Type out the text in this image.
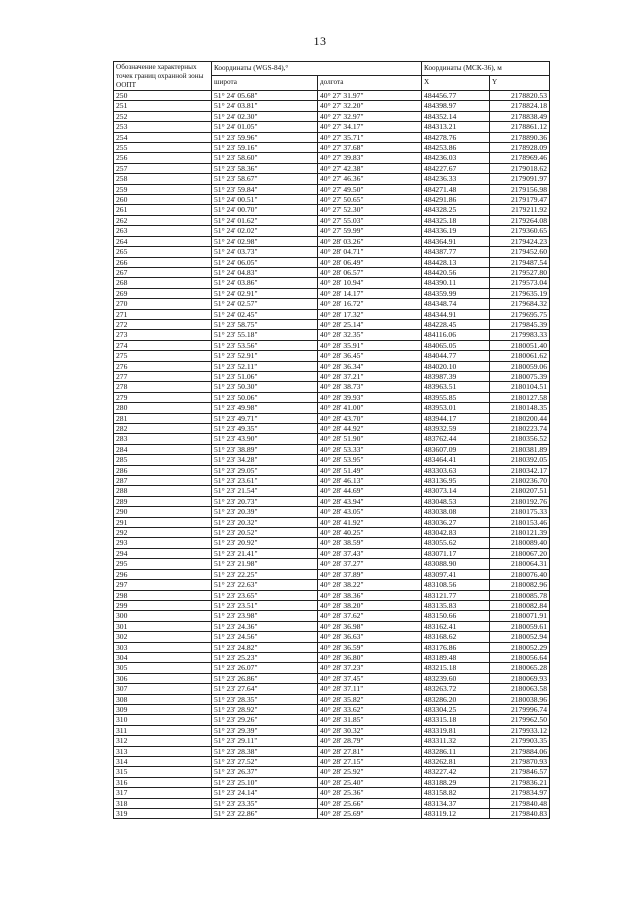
13
Обозначение характерных точек границ охранной зоны ООПТ	Координаты (WGS-84),°		Координаты (МСК-36), м	
	широта	долгота	X	Y
250	51° 24' 05.68"	40° 27' 31.97"	484456.77	2178820.53
251	51° 24' 03.81"	40° 27' 32.20"	484398.97	2178824.18
252	51° 24' 02.30"	40° 27' 32.97"	484352.14	2178838.49
253	51° 24' 01.05"	40° 27' 34.17"	484313.21	2178861.12
254	51° 23' 59.96"	40° 27' 35.71"	484278.76	2178890.36
255	51° 23' 59.16"	40° 27' 37.68"	484253.86	2178928.09
256	51° 23' 58.60"	40° 27' 39.83"	484236.03	2178969.46
257	51° 23' 58.36"	40° 27' 42.38"	484227.67	2179018.62
258	51° 23' 58.67"	40° 27' 46.36"	484236.33	2179091.97
259	51° 23' 59.84"	40° 27' 49.50"	484271.48	2179156.98
260	51° 24' 00.51"	40° 27' 50.65"	484291.86	2179179.47
261	51° 24' 00.70"	40° 27' 52.30"	484328.25	2179211.92
262	51° 24' 01.62"	40° 27' 55.03"	484325.18	2179264.08
263	51° 24' 02.02"	40° 27' 59.99"	484336.19	2179360.65
264	51° 24' 02.98"	40° 28' 03.26"	484364.91	2179424.23
265	51° 24' 03.73"	40° 28' 04.71"	484387.77	2179452.60
266	51° 24' 06.05"	40° 28' 06.49"	484428.13	2179487.54
267	51° 24' 04.83"	40° 28' 06.57"	484420.56	2179527.80
268	51° 24' 03.86"	40° 28' 10.94"	484390.11	2179573.04
269	51° 24' 02.91"	40° 28' 14.17"	484359.99	2179635.19
270	51° 24' 02.57"	40° 28' 16.72"	484348.74	2179684.32
271	51° 24' 02.45"	40° 28' 17.32"	484344.91	2179695.75
272	51° 23' 58.75"	40° 28' 25.14"	484228.45	2179845.39
273	51° 23' 55.18"	40° 28' 32.35"	484116.06	2179983.33
274	51° 23' 53.56"	40° 28' 35.91"	484065.05	2180051.40
275	51° 23' 52.91"	40° 28' 36.45"	484044.77	2180061.62
276	51° 23' 52.11"	40° 28' 36.34"	484020.10	2180059.06
277	51° 23' 51.06"	40° 28' 37.21"	483987.39	2180075.39
278	51° 23' 50.30"	40° 28' 38.73"	483963.51	2180104.51
279	51° 23' 50.06"	40° 28' 39.93"	483955.85	2180127.58
280	51° 23' 49.98"	40° 28' 41.00"	483953.01	2180148.35
281	51° 23' 49.71"	40° 28' 43.70"	483944.17	2180200.44
282	51° 23' 49.35"	40° 28' 44.92"	483932.59	2180223.74
283	51° 23' 43.90"	40° 28' 51.90"	483762.44	2180356.52
284	51° 23' 38.89"	40° 28' 53.33"	483607.09	2180381.89
285	51° 23' 34.28"	40° 28' 53.95"	483464.41	2180392.05
286	51° 23' 29.05"	40° 28' 51.49"	483303.63	2180342.17
287	51° 23' 23.61"	40° 28' 46.13"	483136.95	2180236.70
288	51° 23' 21.54"	40° 28' 44.69"	483073.14	2180207.51
289	51° 23' 20.73"	40° 28' 43.94"	483048.53	2180192.76
290	51° 23' 20.39"	40° 28' 43.05"	483038.08	2180175.33
291	51° 23' 20.32"	40° 28' 41.92"	483036.27	2180153.46
292	51° 23' 20.52"	40° 28' 40.25"	483042.83	2180121.39
293	51° 23' 20.92"	40° 28' 38.59"	483055.62	2180089.40
294	51° 23' 21.41"	40° 28' 37.43"	483071.17	2180067.20
295	51° 23' 21.98"	40° 28' 37.27"	483088.90	2180064.31
296	51° 23' 22.25"	40° 28' 37.89"	483097.41	2180076.40
297	51° 23' 22.63"	40° 28' 38.22"	483108.56	2180082.96
298	51° 23' 23.65"	40° 28' 38.36"	483121.77	2180085.78
299	51° 23' 23.51"	40° 28' 38.20"	483135.83	2180082.84
300	51° 23' 23.98"	40° 28' 37.62"	483150.66	2180071.91
301	51° 23' 24.36"	40° 28' 36.98"	483162.41	2180059.61
302	51° 23' 24.56"	40° 28' 36.63"	483168.62	2180052.94
303	51° 23' 24.82"	40° 28' 36.59"	483176.86	2180052.29
304	51° 23' 25.23"	40° 28' 36.80"	483189.48	2180056.64
305	51° 23' 26.07"	40° 28' 37.23"	483215.18	2180065.28
306	51° 23' 26.86"	40° 28' 37.45"	483239.60	2180069.93
307	51° 23' 27.64"	40° 28' 37.11"	483263.72	2180063.58
308	51° 23' 28.35"	40° 28' 35.82"	483286.20	2180038.96
309	51° 23' 28.92"	40° 28' 33.62"	483304.25	2179996.74
310	51° 23' 29.26"	40° 28' 31.85"	483315.18	2179962.50
311	51° 23' 29.39"	40° 28' 30.32"	483319.81	2179933.12
312	51° 23' 29.11"	40° 28' 28.79"	483311.32	2179903.35
313	51° 23' 28.38"	40° 28' 27.81"	483286.11	2179884.06
314	51° 23' 27.52"	40° 28' 27.15"	483262.81	2179870.93
315	51° 23' 26.37"	40° 28' 25.92"	483227.42	2179846.57
316	51° 23' 25.10"	40° 28' 25.40"	483188.29	2179836.21
317	51° 23' 24.14"	40° 28' 25.36"	483158.82	2179834.97
318	51° 23' 23.35"	40° 28' 25.66"	483134.37	2179840.48
319	51° 23' 22.86"	40° 28' 25.69"	483119.12	2179840.83
